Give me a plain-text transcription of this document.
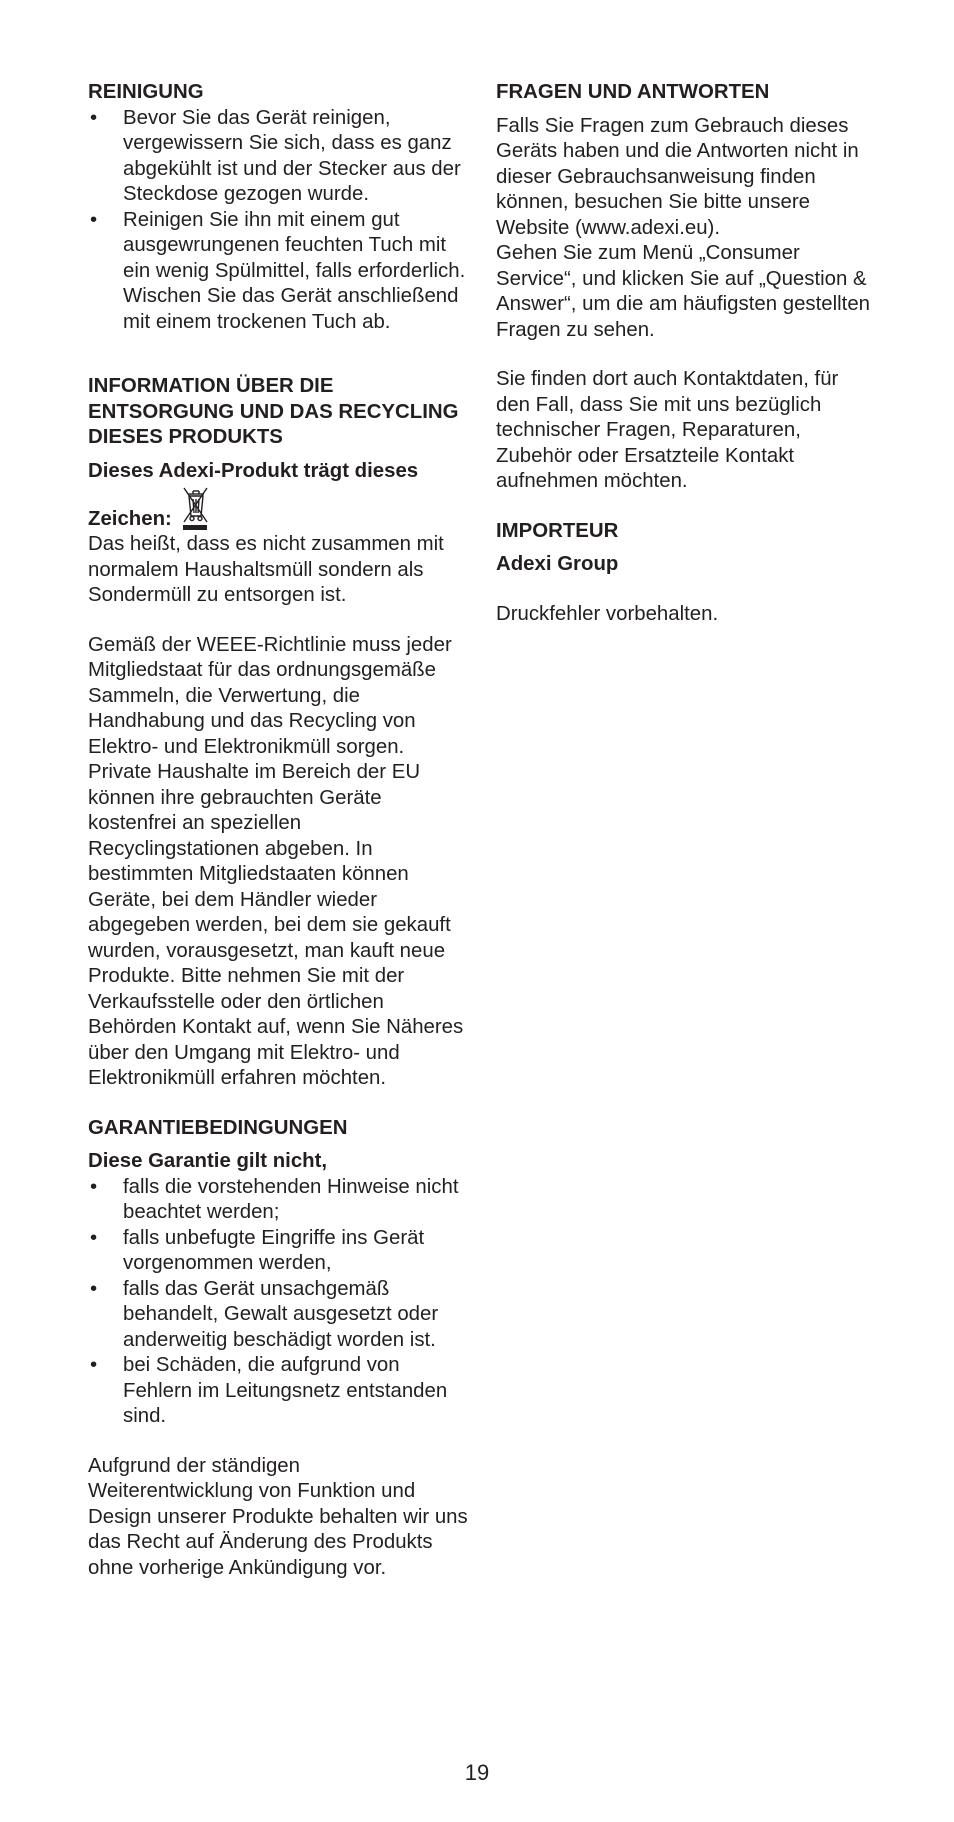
REINIGUNG
• Bevor Sie das Gerät reinigen, vergewissern Sie sich, dass es ganz abgekühlt ist und der Stecker aus der Steckdose gezogen wurde.
• Reinigen Sie ihn mit einem gut ausgewrungenen feuchten Tuch mit ein wenig Spülmittel, falls erforderlich. Wischen Sie das Gerät anschließend mit einem trockenen Tuch ab.
INFORMATION ÜBER DIE ENTSORGUNG UND DAS RECYCLING DIESES PRODUKTS

Dieses Adexi-Produkt trägt dieses

Zeichen:

Das heißt, dass es nicht zusammen mit normalem Haushaltsmüll sondern als Sondermüll zu entsorgen ist.

Gemäß der WEEE-Richtlinie muss jeder Mitgliedstaat für das ordnungsgemäße Sammeln, die Verwertung, die Handhabung und das Recycling von Elektro- und Elektronikmüll sorgen. Private Haushalte im Bereich der EU können ihre gebrauchten Geräte kostenfrei an speziellen Recyclingstationen abgeben. In bestimmten Mitgliedstaaten können Geräte, bei dem Händler wieder abgegeben werden, bei dem sie gekauft wurden, vorausgesetzt, man kauft neue Produkte. Bitte nehmen Sie mit der Verkaufsstelle oder den örtlichen Behörden Kontakt auf, wenn Sie Näheres über den Umgang mit Elektro- und Elektronikmüll erfahren möchten.

GARANTIEBEDINGUNGEN

Diese Garantie gilt nicht,

• falls die vorstehenden Hinweise nicht beachtet werden;
• falls unbefugte Eingriffe ins Gerät vorgenommen werden,
• falls das Gerät unsachgemäß behandelt, Gewalt ausgesetzt oder anderweitig beschädigt worden ist.
• bei Schäden, die aufgrund von Fehlern im Leitungsnetz entstanden sind.

Aufgrund der ständigen Weiterentwicklung von Funktion und Design unserer Produkte behalten wir uns das Recht auf Änderung des Produkts ohne vorherige Ankündigung vor.

FRAGEN UND ANTWORTEN

Falls Sie Fragen zum Gebrauch dieses Geräts haben und die Antworten nicht in dieser Gebrauchsanweisung finden können, besuchen Sie bitte unsere Website (www.adexi.eu).

Gehen Sie zum Menü „Consumer Service“, und klicken Sie auf „Question & Answer“, um die am häufigsten gestellten Fragen zu sehen.

Sie finden dort auch Kontaktdaten, für den Fall, dass Sie mit uns bezüglich technischer Fragen, Reparaturen, Zubehör oder Ersatzteile Kontakt aufnehmen möchten.

IMPORTEUR

Adexi Group

Druckfehler vorbehalten.

19
